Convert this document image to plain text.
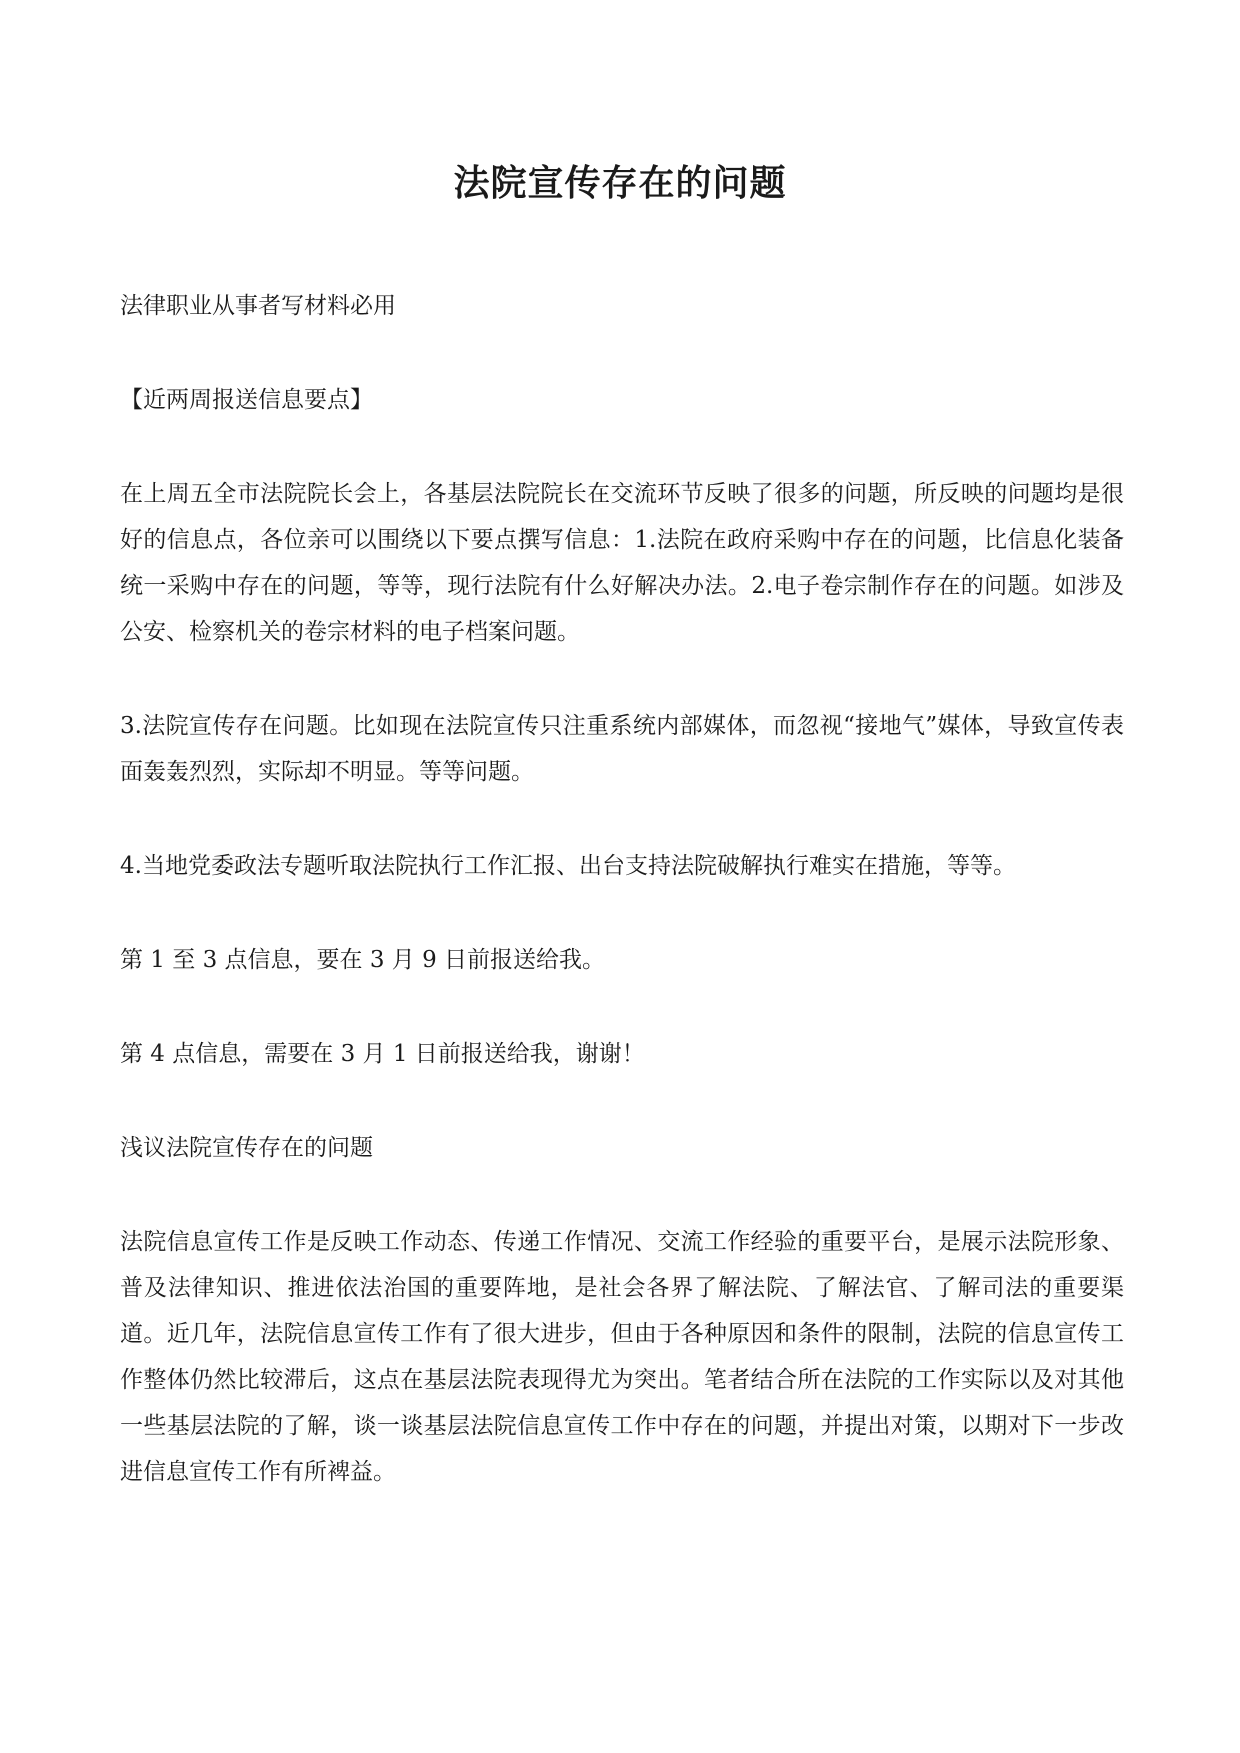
法院宣传存在的问题

法律职业从事者写材料必用

【近两周报送信息要点】

在上周五全市法院院长会上，各基层法院院长在交流环节反映了很多的问题，所反映的问题均是很好的信息点，各位亲可以围绕以下要点撰写信息：1.法院在政府采购中存在的问题，比信息化装备统一采购中存在的问题，等等，现行法院有什么好解决办法。2.电子卷宗制作存在的问题。如涉及公安、检察机关的卷宗材料的电子档案问题。

3.法院宣传存在问题。比如现在法院宣传只注重系统内部媒体，而忽视“接地气”媒体，导致宣传表面轰轰烈烈，实际却不明显。等等问题。

4.当地党委政法专题听取法院执行工作汇报、出台支持法院破解执行难实在措施，等等。

第 1 至 3 点信息，要在 3 月 9 日前报送给我。

第 4 点信息，需要在 3 月 1 日前报送给我，谢谢！

浅议法院宣传存在的问题

法院信息宣传工作是反映工作动态、传递工作情况、交流工作经验的重要平台，是展示法院形象、普及法律知识、推进依法治国的重要阵地，是社会各界了解法院、了解法官、了解司法的重要渠道。近几年，法院信息宣传工作有了很大进步，但由于各种原因和条件的限制，法院的信息宣传工作整体仍然比较滞后，这点在基层法院表现得尤为突出。笔者结合所在法院的工作实际以及对其他一些基层法院的了解，谈一谈基层法院信息宣传工作中存在的问题，并提出对策，以期对下一步改进信息宣传工作有所裨益。
